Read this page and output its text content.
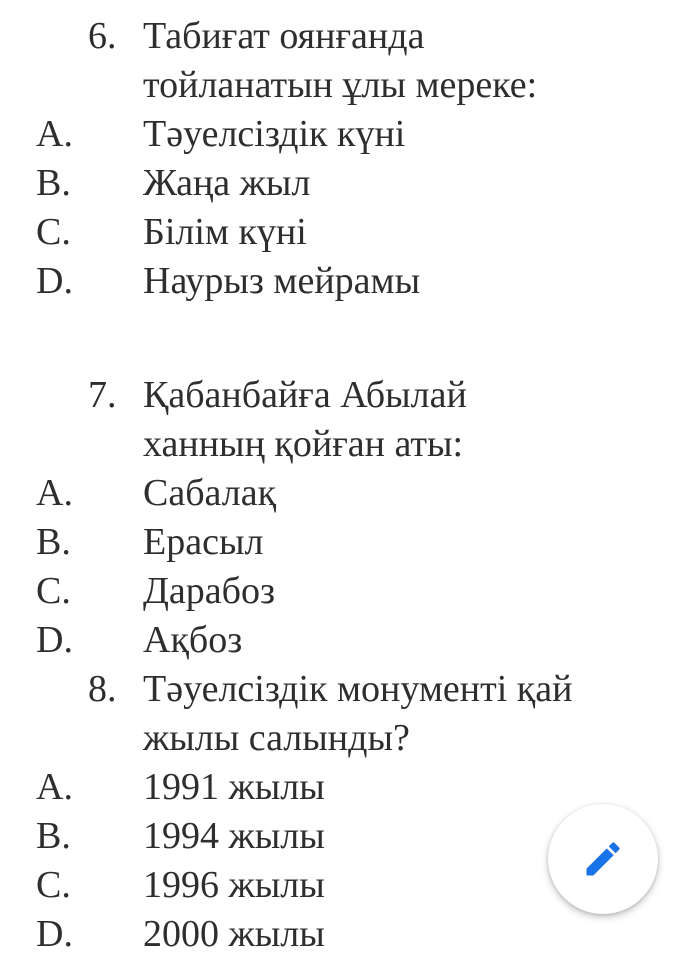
6. Табиғат оянғанда
тойланатын ұлы мереке:
A. Тәуелсіздік күні
B. Жаңа жыл
C. Білім күні
D. Наурыз мейрамы
7. Қабанбайға Абылай
ханның қойған аты:
A. Сабалақ
B. Ерасыл
C. Дарабоз
D. Ақбоз
8. Тәуелсіздік монументі қай
жылы салынды?
A. 1991 жылы
B. 1994 жылы
C. 1996 жылы
D. 2000 жылы
